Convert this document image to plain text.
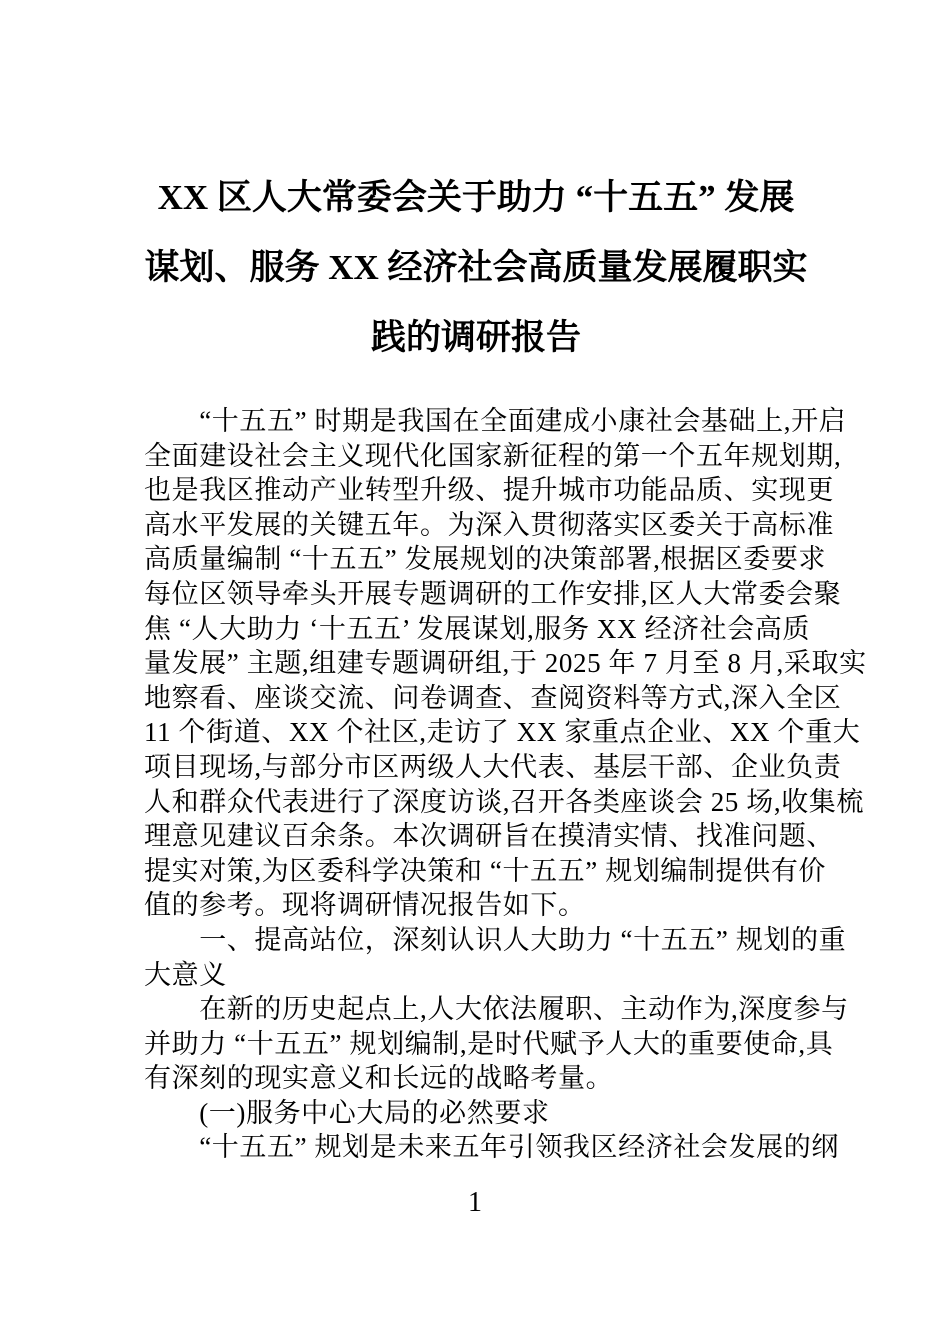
XX 区人大常委会关于助力 “十五五” 发展
谋划、服务 XX 经济社会高质量发展履职实
践的调研报告
　　“十五五” 时期是我国在全面建成小康社会基础上,开启
全面建设社会主义现代化国家新征程的第一个五年规划期,
也是我区推动产业转型升级、提升城市功能品质、实现更
高水平发展的关键五年。为深入贯彻落实区委关于高标准
高质量编制 “十五五” 发展规划的决策部署,根据区委要求
每位区领导牵头开展专题调研的工作安排,区人大常委会聚
焦 “人大助力 ‘十五五’ 发展谋划,服务 XX 经济社会高质
量发展” 主题,组建专题调研组,于 2025 年 7 月至 8 月,采取实
地察看、座谈交流、问卷调查、查阅资料等方式,深入全区
11 个街道、XX 个社区,走访了 XX 家重点企业、XX 个重大
项目现场,与部分市区两级人大代表、基层干部、企业负责
人和群众代表进行了深度访谈,召开各类座谈会 25 场,收集梳
理意见建议百余条。本次调研旨在摸清实情、找准问题、
提实对策,为区委科学决策和 “十五五” 规划编制提供有价
值的参考。现将调研情况报告如下。
　　一、提高站位，深刻认识人大助力 “十五五” 规划的重
大意义
　　在新的历史起点上,人大依法履职、主动作为,深度参与
并助力 “十五五” 规划编制,是时代赋予人大的重要使命,具
有深刻的现实意义和长远的战略考量。
　　(一)服务中心大局的必然要求
　　“十五五” 规划是未来五年引领我区经济社会发展的纲
1
